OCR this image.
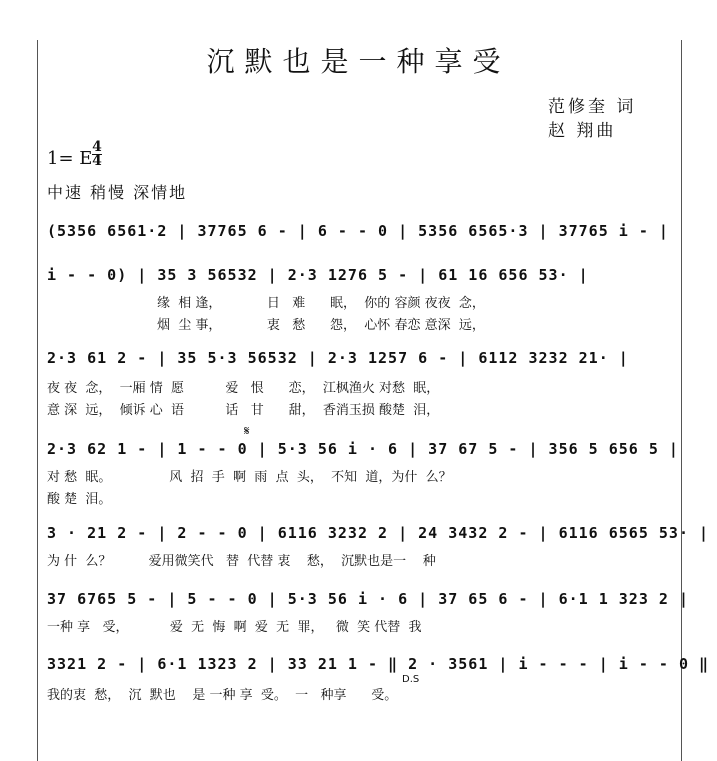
沉默也是一种享受
范修奎 词
赵 翔曲
1= E
4
4
中速 稍慢 深情地
(5356 6561·2 | 37765 6 - | 6 - - 0 | 5356 6565·3 | 37765 i - |
i - - 0) | 35 3 56532 | 2·3 1276 5 - | 61 16 656 53· |
缘  相 逢，           日   难      眠，  你的 容颜 夜夜  念，
烟  尘 事，           衷   愁      怨，  心怀 春恋 意深  远，
2·3 61 2 - | 35 5·3 56532 | 2·3 1257 6 - | 6112 3232 21· |
夜 夜  念，  一厢 情  愿          爱   恨      恋，  江枫渔火 对愁  眠，
意 深  远，  倾诉 心  语          话   甘      甜，  香消玉损 酸楚  泪，
𝄋
2·3 62 1 - | 1 - - 0 | 5·3 56 i · 6 | 37 67 5 - | 356 5 656 5 |
对 愁  眠。              风  招  手  啊  雨  点  头，  不知  道，为什  么？
酸 楚  泪。
3 · 21 2 - | 2 - - 0 | 6116 3232 2 | 24 3432 2 - | 6116 6565 53· |
为 什  么？         爱用微笑代   替  代替 衷    愁，  沉默也是一    种
37 6765 5 - | 5 - - 0 | 5·3 56 i · 6 | 37 65 6 - | 6·1 1 323 2 |
一种 享   受，          爱  无  悔  啊  爱  无  罪，   微  笑 代替  我
3321 2 - | 6·1 1323 2 | 33 21 1 - ‖ 2 · 3561 | i - - - | i - - 0 ‖
D.S
我的衷  愁，  沉  默也    是 一种 享  受。  一   种享      受。
